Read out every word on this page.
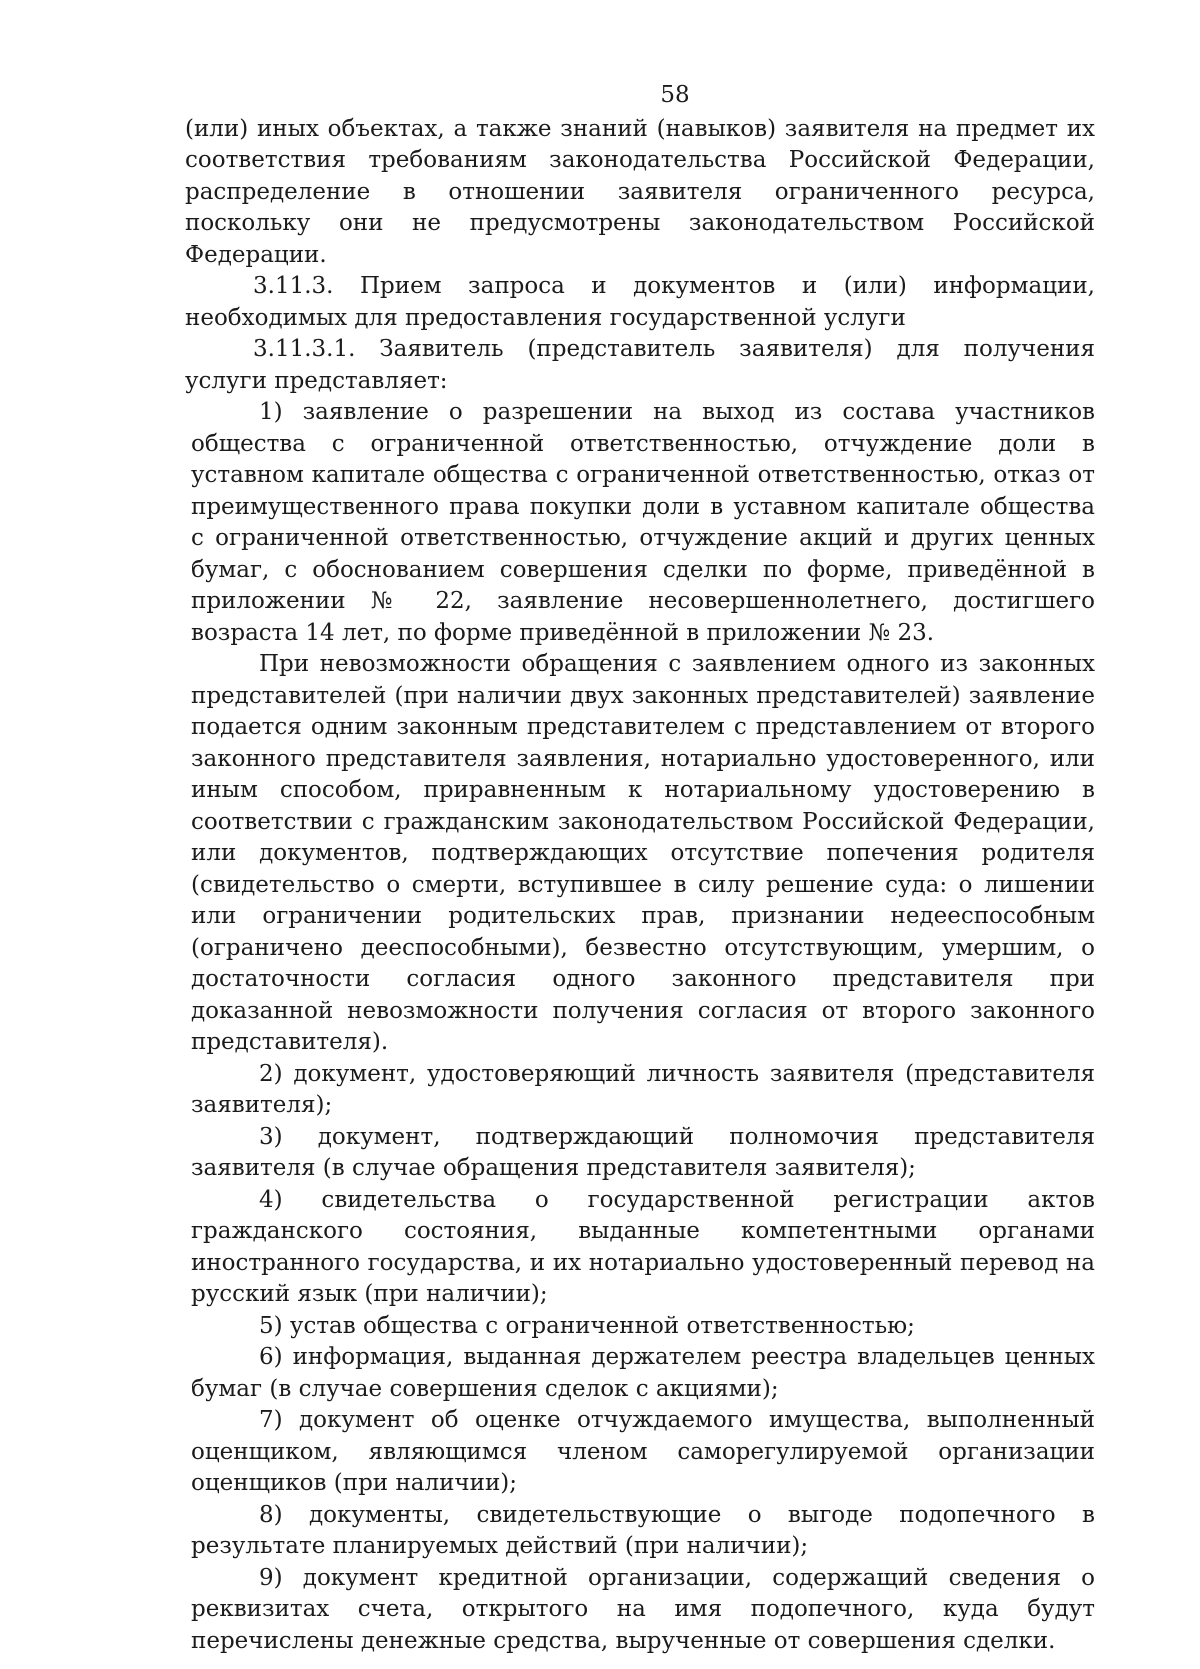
58

(или) иных объектах, а также знаний (навыков) заявителя на предмет их соответствия требованиям законодательства Российской Федерации, распределение в отношении заявителя ограниченного ресурса, поскольку они не предусмотрены законодательством Российской Федерации.

3.11.3. Прием запроса и документов и (или) информации, необходимых для предоставления государственной услуги

3.11.3.1. Заявитель (представитель заявителя) для получения услуги представляет:

1) заявление о разрешении на выход из состава участников общества с ограниченной ответственностью, отчуждение доли в уставном капитале общества с ограниченной ответственностью, отказ от преимущественного права покупки доли в уставном капитале общества с ограниченной ответственностью, отчуждение акций и других ценных бумаг, с обоснованием совершения сделки по форме, приведённой в приложении № 22, заявление несовершеннолетнего, достигшего возраста 14 лет, по форме приведённой в приложении № 23.

При невозможности обращения с заявлением одного из законных представителей (при наличии двух законных представителей) заявление подается одним законным представителем с представлением от второго законного представителя заявления, нотариально удостоверенного, или иным способом, приравненным к нотариальному удостоверению в соответствии с гражданским законодательством Российской Федерации, или документов, подтверждающих отсутствие попечения родителя (свидетельство о смерти, вступившее в силу решение суда: о лишении или ограничении родительских прав, признании недееспособным (ограничено дееспособными), безвестно отсутствующим, умершим, о достаточности согласия одного законного представителя при доказанной невозможности получения согласия от второго законного представителя).

2) документ, удостоверяющий личность заявителя (представителя заявителя);

3) документ, подтверждающий полномочия представителя заявителя (в случае обращения представителя заявителя);

4) свидетельства о государственной регистрации актов гражданского состояния, выданные компетентными органами иностранного государства, и их нотариально удостоверенный перевод на русский язык (при наличии);

5) устав общества с ограниченной ответственностью;

6) информация, выданная держателем реестра владельцев ценных бумаг (в случае совершения сделок с акциями);

7) документ об оценке отчуждаемого имущества, выполненный оценщиком, являющимся членом саморегулируемой организации оценщиков (при наличии);

8) документы, свидетельствующие о выгоде подопечного в результате планируемых действий (при наличии);

9) документ кредитной организации, содержащий сведения о реквизитах счета, открытого на имя подопечного, куда будут перечислены денежные средства, вырученные от совершения сделки.
